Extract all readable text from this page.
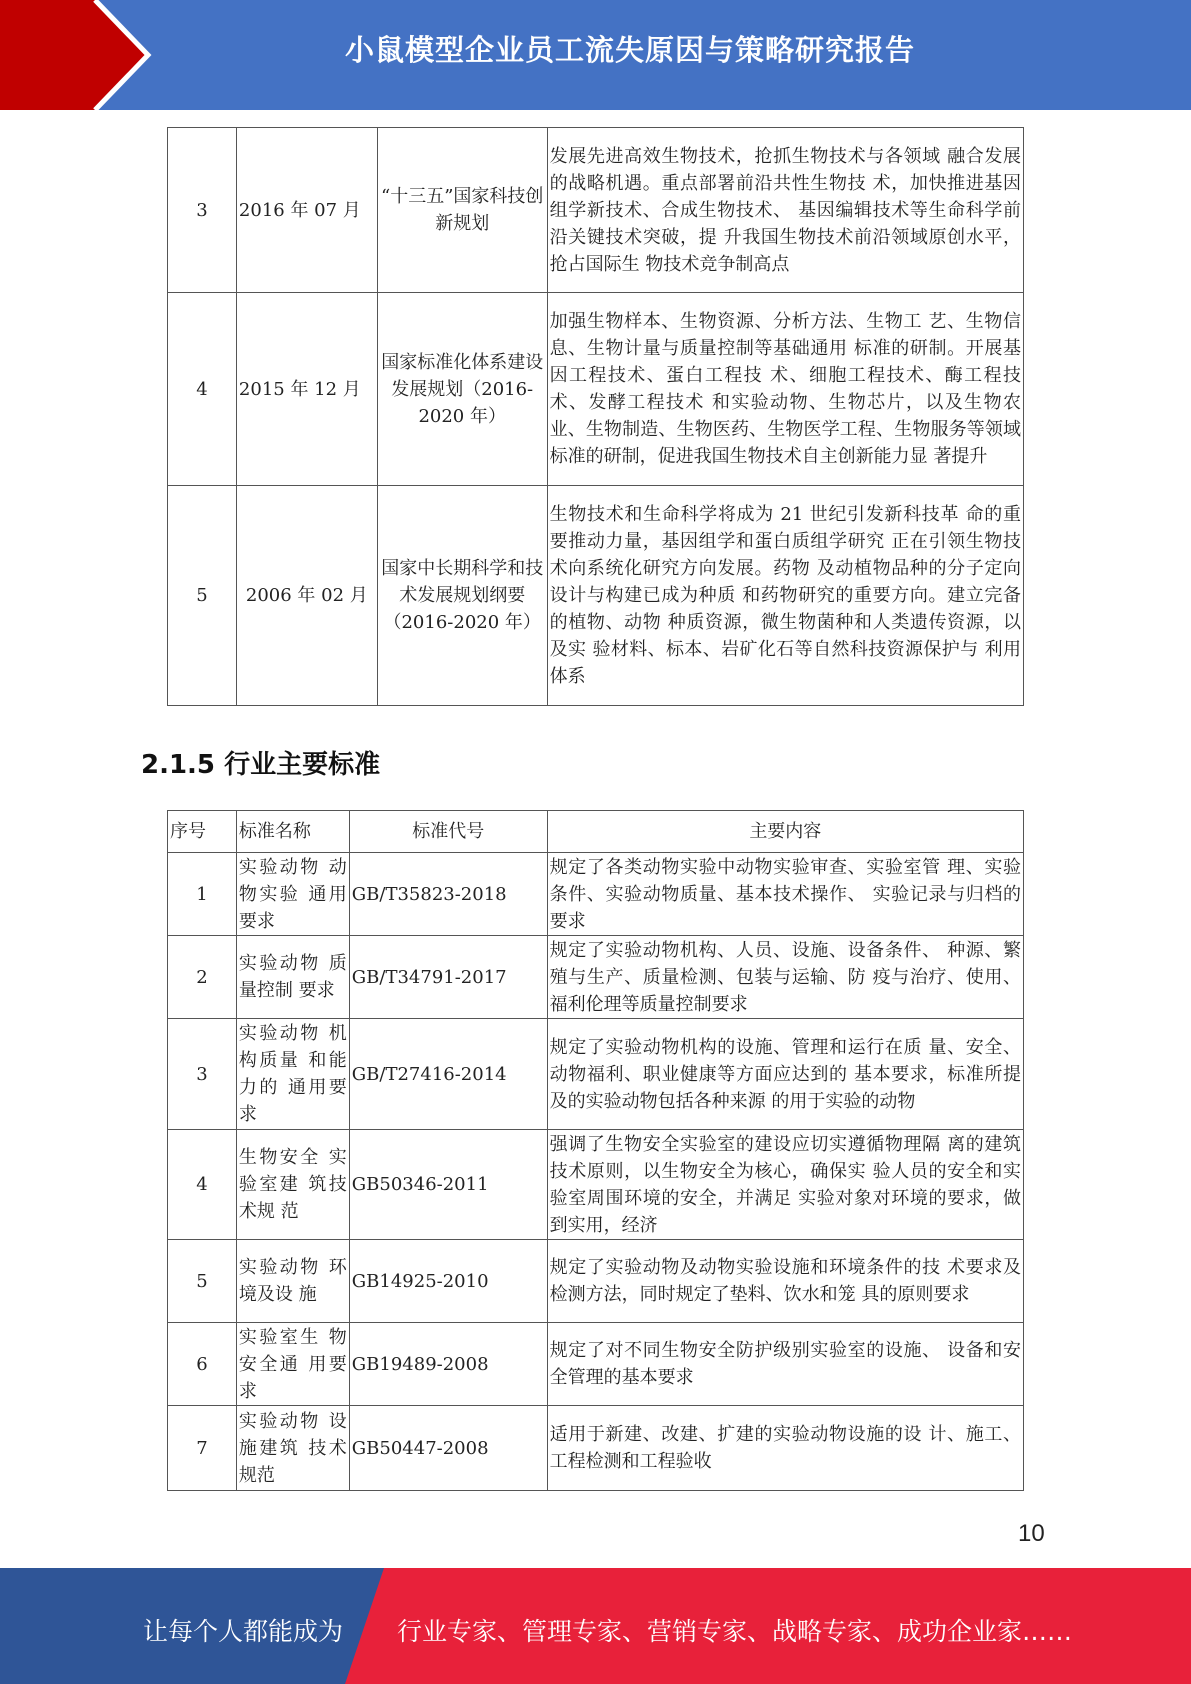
小鼠模型企业员工流失原因与策略研究报告
3	2016 年 07 月	“十三五”国家科技创新规划	发展先进高效生物技术，抢抓生物技术与各领域 融合发展的战略机遇。重点部署前沿共性生物技 术，加快推进基因组学新技术、合成生物技术、 基因编辑技术等生命科学前沿关键技术突破，提 升我国生物技术前沿领域原创水平，抢占国际生 物技术竞争制高点
4	2015 年 12 月	国家标准化体系建设发展规划（2016-2020 年）	加强生物样本、生物资源、分析方法、生物工 艺、生物信息、生物计量与质量控制等基础通用 标准的研制。开展基因工程技术、蛋白工程技 术、细胞工程技术、酶工程技术、发酵工程技术 和实验动物、生物芯片，以及生物农业、生物制造、生物医药、生物医学工程、生物服务等领域 标准的研制，促进我国生物技术自主创新能力显 著提升
5	2006 年 02 月	国家中长期科学和技术发展规划纲要 （2016-2020 年）	生物技术和生命科学将成为 21 世纪引发新科技革 命的重要推动力量，基因组学和蛋白质组学研究 正在引领生物技术向系统化研究方向发展。药物 及动植物品种的分子定向设计与构建已成为种质 和药物研究的重要方向。建立完备的植物、动物 种质资源，微生物菌种和人类遗传资源，以及实 验材料、标本、岩矿化石等自然科技资源保护与 利用体系
2.1.5 行业主要标准
序号	标准名称	标准代号	主要内容
1	实验动物 动物实验 通用要求	GB/T35823-2018	规定了各类动物实验中动物实验审查、实验室管 理、实验条件、实验动物质量、基本技术操作、 实验记录与归档的要求
2	实验动物 质量控制 要求	GB/T34791-2017	规定了实验动物机构、人员、设施、设备条件、 种源、繁殖与生产、质量检测、包装与运输、防 疫与治疗、使用、福利伦理等质量控制要求
3	实验动物 机构质量 和能力的 通用要求	GB/T27416-2014	规定了实验动物机构的设施、管理和运行在质 量、安全、动物福利、职业健康等方面应达到的 基本要求，标准所提及的实验动物包括各种来源 的用于实验的动物
4	生物安全 实验室建 筑技术规 范	GB50346-2011	强调了生物安全实验室的建设应切实遵循物理隔 离的建筑技术原则，以生物安全为核心，确保实 验人员的安全和实验室周围环境的安全，并满足 实验对象对环境的要求，做到实用，经济
5	实验动物 环境及设 施	GB14925-2010	规定了实验动物及动物实验设施和环境条件的技 术要求及检测方法，同时规定了垫料、饮水和笼 具的原则要求
6	实验室生 物安全通 用要求	GB19489-2008	规定了对不同生物安全防护级别实验室的设施、 设备和安全管理的基本要求
7	实验动物 设施建筑 技术规范	GB50447-2008	适用于新建、改建、扩建的实验动物设施的设 计、施工、工程检测和工程验收
10
让每个人都能成为 行业专家、管理专家、营销专家、战略专家、成功企业家……
